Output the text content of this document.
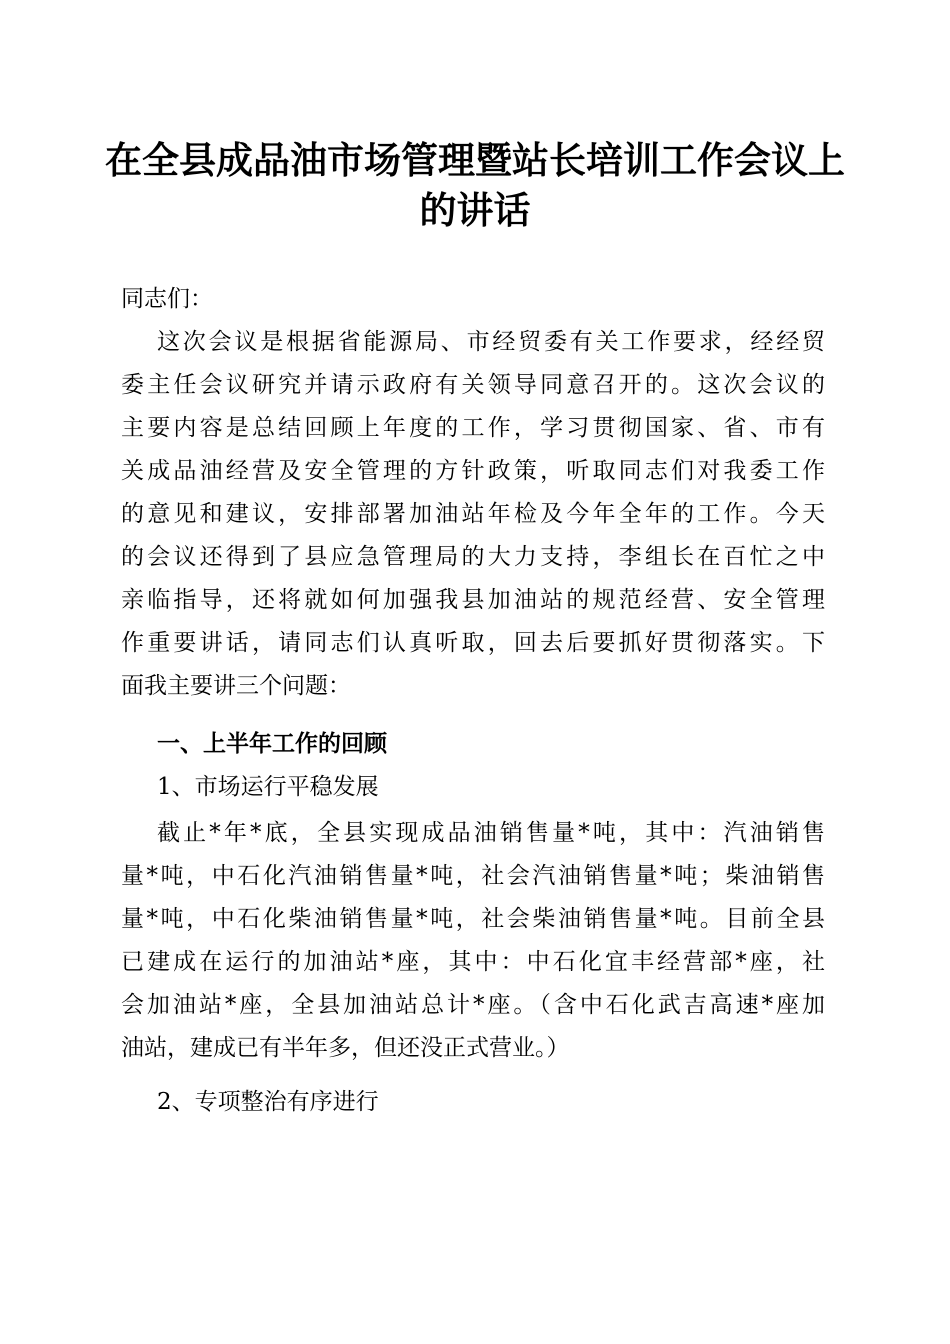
在全县成品油市场管理暨站长培训工作会议上
的讲话
同志们：
这次会议是根据省能源局、市经贸委有关工作要求，经经贸
委主任会议研究并请示政府有关领导同意召开的。这次会议的
主要内容是总结回顾上年度的工作，学习贯彻国家、省、市有
关成品油经营及安全管理的方针政策，听取同志们对我委工作
的意见和建议，安排部署加油站年检及今年全年的工作。今天
的会议还得到了县应急管理局的大力支持，李组长在百忙之中
亲临指导，还将就如何加强我县加油站的规范经营、安全管理
作重要讲话，请同志们认真听取，回去后要抓好贯彻落实。下
面我主要讲三个问题：
一、上半年工作的回顾
1、市场运行平稳发展
截止*年*底，全县实现成品油销售量*吨，其中：汽油销售
量*吨，中石化汽油销售量*吨，社会汽油销售量*吨；柴油销售
量*吨，中石化柴油销售量*吨，社会柴油销售量*吨。目前全县
已建成在运行的加油站*座，其中：中石化宜丰经营部*座，社
会加油站*座，全县加油站总计*座。（含中石化武吉高速*座加
油站，建成已有半年多，但还没正式营业。）
2、专项整治有序进行
